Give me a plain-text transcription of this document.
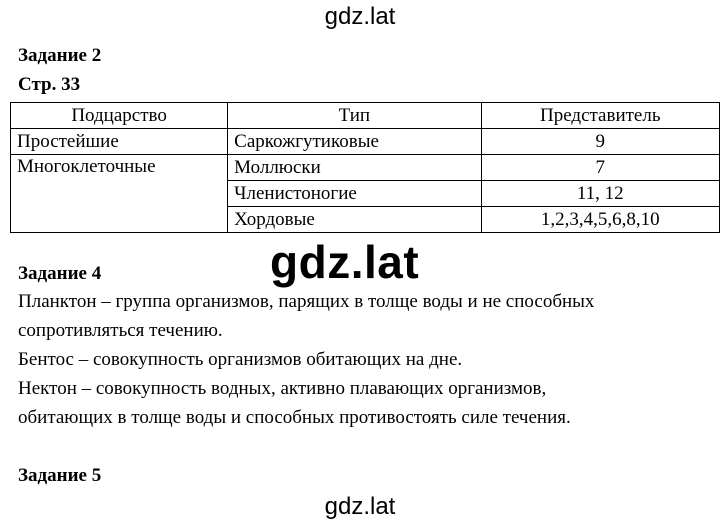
gdz.lat
Задание 2
Стр. 33
Подцарство	Тип	Представитель
Простейшие	Саркожгутиковые	9
Многоклеточные	Моллюски	7
	Членистоногие	11, 12
	Хордовые	1,2,3,4,5,6,8,10
Задание 4	gdz.lat
Планктон – группа организмов, парящих в толще воды и не способных
сопротивляться течению.
Бентос – совокупность организмов обитающих на дне.
Нектон – совокупность водных, активно плавающих организмов,
обитающих в толще воды и способных противостоять силе течения.
Задание 5
gdz.lat
